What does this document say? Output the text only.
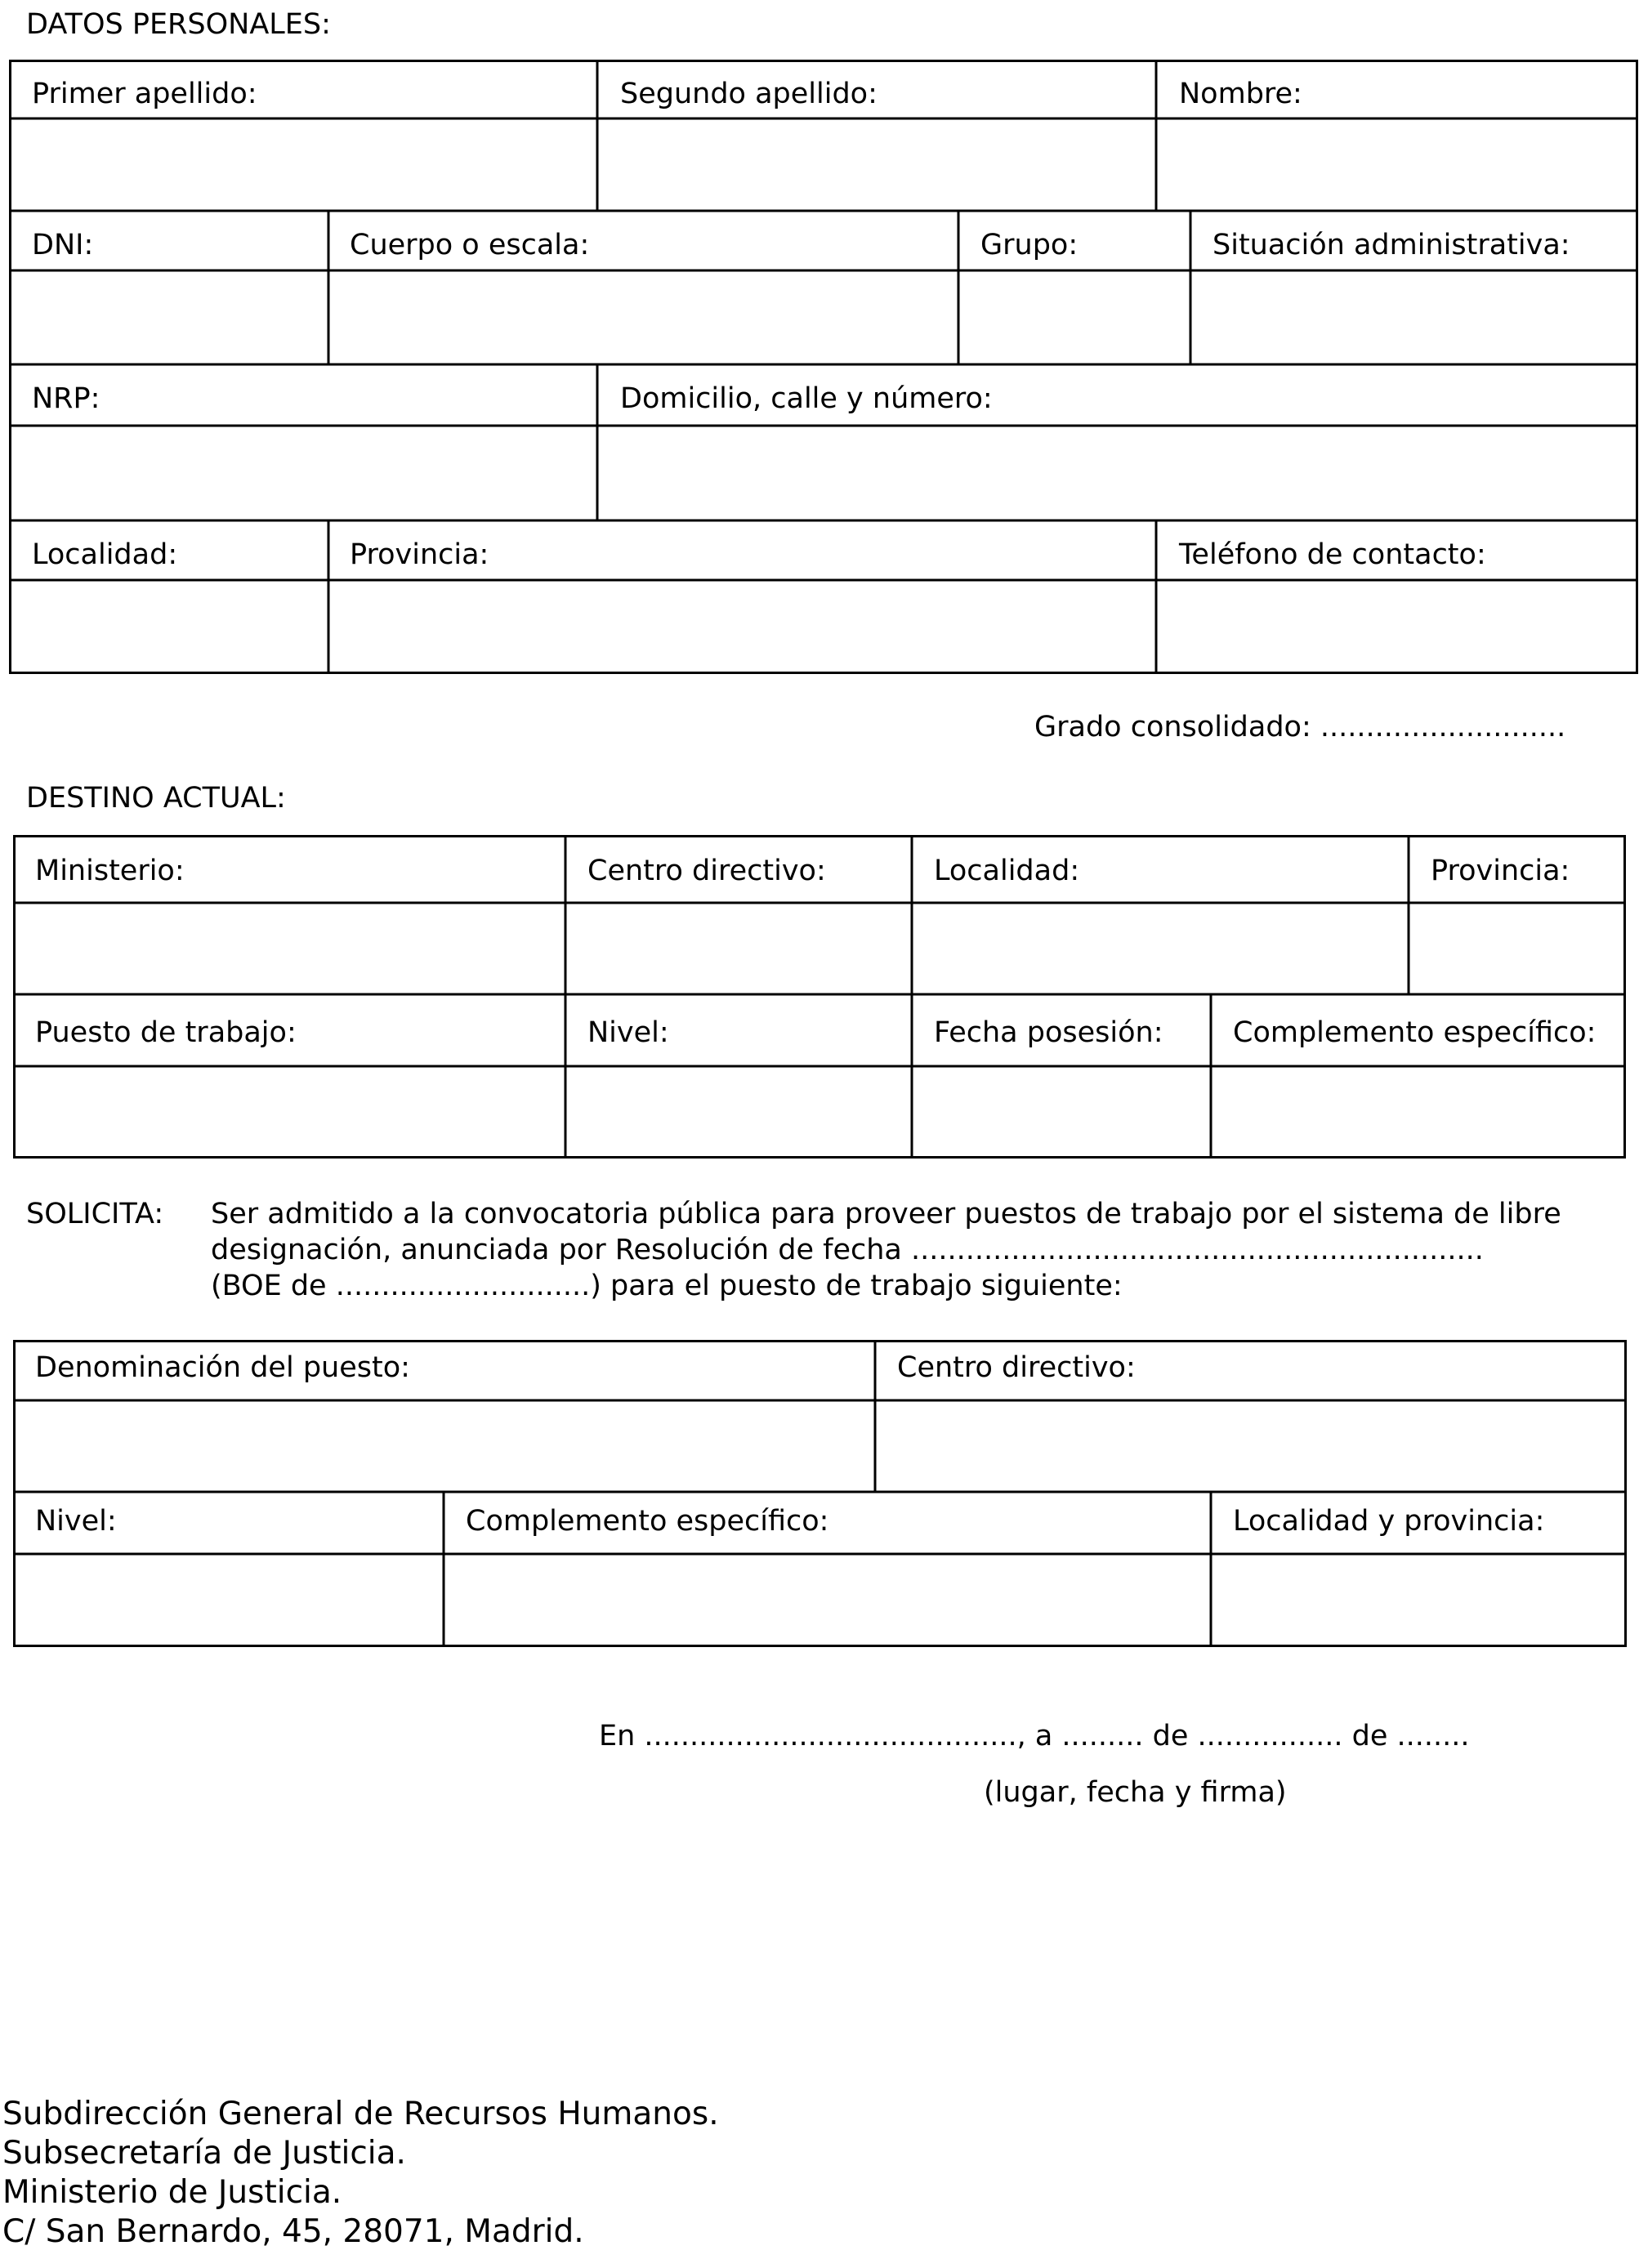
DATOS PERSONALES:
Primer apellido:	Segundo apellido:	Nombre:
DNI:	Cuerpo o escala:	Grupo:	Situación administrativa:
NRP:	Domicilio, calle y número:
Localidad:	Provincia:	Teléfono de contacto:
Grado consolidado: ...........................
DESTINO ACTUAL:
Ministerio:	Centro directivo:	Localidad:	Provincia:
Puesto de trabajo:	Nivel:	Fecha posesión: Complemento específico:
SOLICITA: Ser admitido a la convocatoria pública para proveer puestos de trabajo por el sistema de libre
designación, anunciada por Resolución de fecha ...............................................................
(BOE de ............................) para el puesto de trabajo siguiente:
Denominación del puesto:	Centro directivo:
Nivel:	Complemento específico:	Localidad y provincia:
En ........................................., a ......... de ................ de ........
(lugar, fecha y firma)
Subdirección General de Recursos Humanos.
Subsecretaría de Justicia.
Ministerio de Justicia.
C/ San Bernardo, 45, 28071, Madrid.
